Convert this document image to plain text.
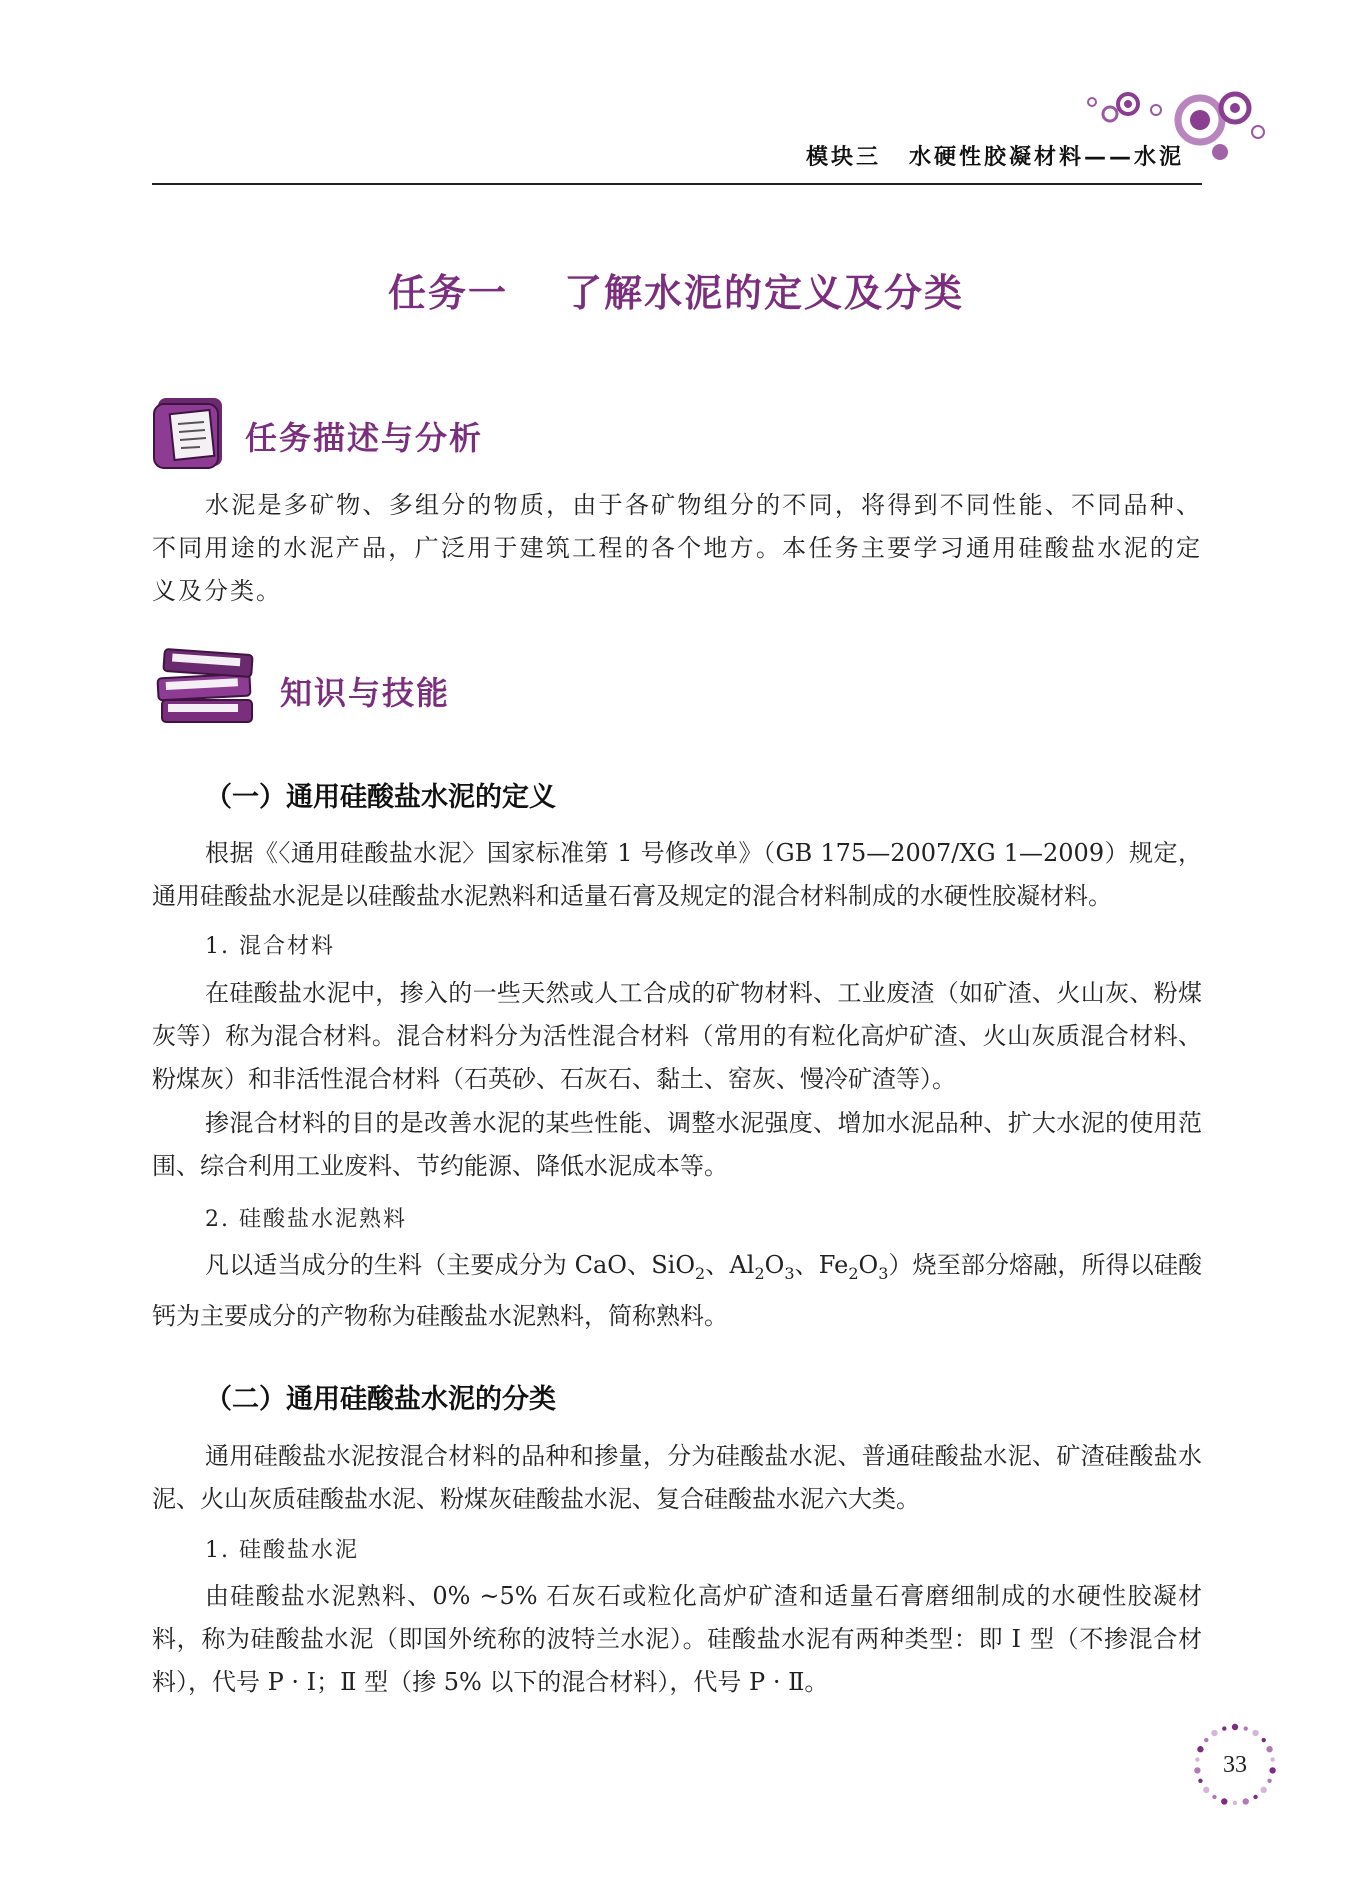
模块三 水硬性胶凝材料——水泥
任务一 了解水泥的定义及分类
任务描述与分析
水泥是多矿物、多组分的物质，由于各矿物组分的不同，将得到不同性能、不同品种、不同用途的水泥产品，广泛用于建筑工程的各个地方。本任务主要学习通用硅酸盐水泥的定义及分类。
知识与技能
（一）通用硅酸盐水泥的定义
根据《〈通用硅酸盐水泥〉国家标准第 1 号修改单》（GB 175—2007/XG 1—2009）规定，通用硅酸盐水泥是以硅酸盐水泥熟料和适量石膏及规定的混合材料制成的水硬性胶凝材料。
1. 混合材料
在硅酸盐水泥中，掺入的一些天然或人工合成的矿物材料、工业废渣（如矿渣、火山灰、粉煤灰等）称为混合材料。混合材料分为活性混合材料（常用的有粒化高炉矿渣、火山灰质混合材料、粉煤灰）和非活性混合材料（石英砂、石灰石、黏土、窑灰、慢冷矿渣等）。
掺混合材料的目的是改善水泥的某些性能、调整水泥强度、增加水泥品种、扩大水泥的使用范围、综合利用工业废料、节约能源、降低水泥成本等。
2. 硅酸盐水泥熟料
凡以适当成分的生料（主要成分为 CaO、SiO$_2$、$Al_2O_3$、$Fe_2O_3$）烧至部分熔融，所得以硅酸钙为主要成分的产物称为硅酸盐水泥熟料，简称熟料。
（二）通用硅酸盐水泥的分类
通用硅酸盐水泥按混合材料的品种和掺量，分为硅酸盐水泥、普通硅酸盐水泥、矿渣硅酸盐水泥、火山灰质硅酸盐水泥、粉煤灰硅酸盐水泥、复合硅酸盐水泥六大类。
1. 硅酸盐水泥
由硅酸盐水泥熟料、0% ~5% 石灰石或粒化高炉矿渣和适量石膏磨细制成的水硬性胶凝材料，称为硅酸盐水泥（即国外统称的波特兰水泥）。硅酸盐水泥有两种类型：即 Ⅰ 型（不掺混合材料），代号 P · Ⅰ；Ⅱ 型（掺 5% 以下的混合材料），代号 P · Ⅱ。
33
